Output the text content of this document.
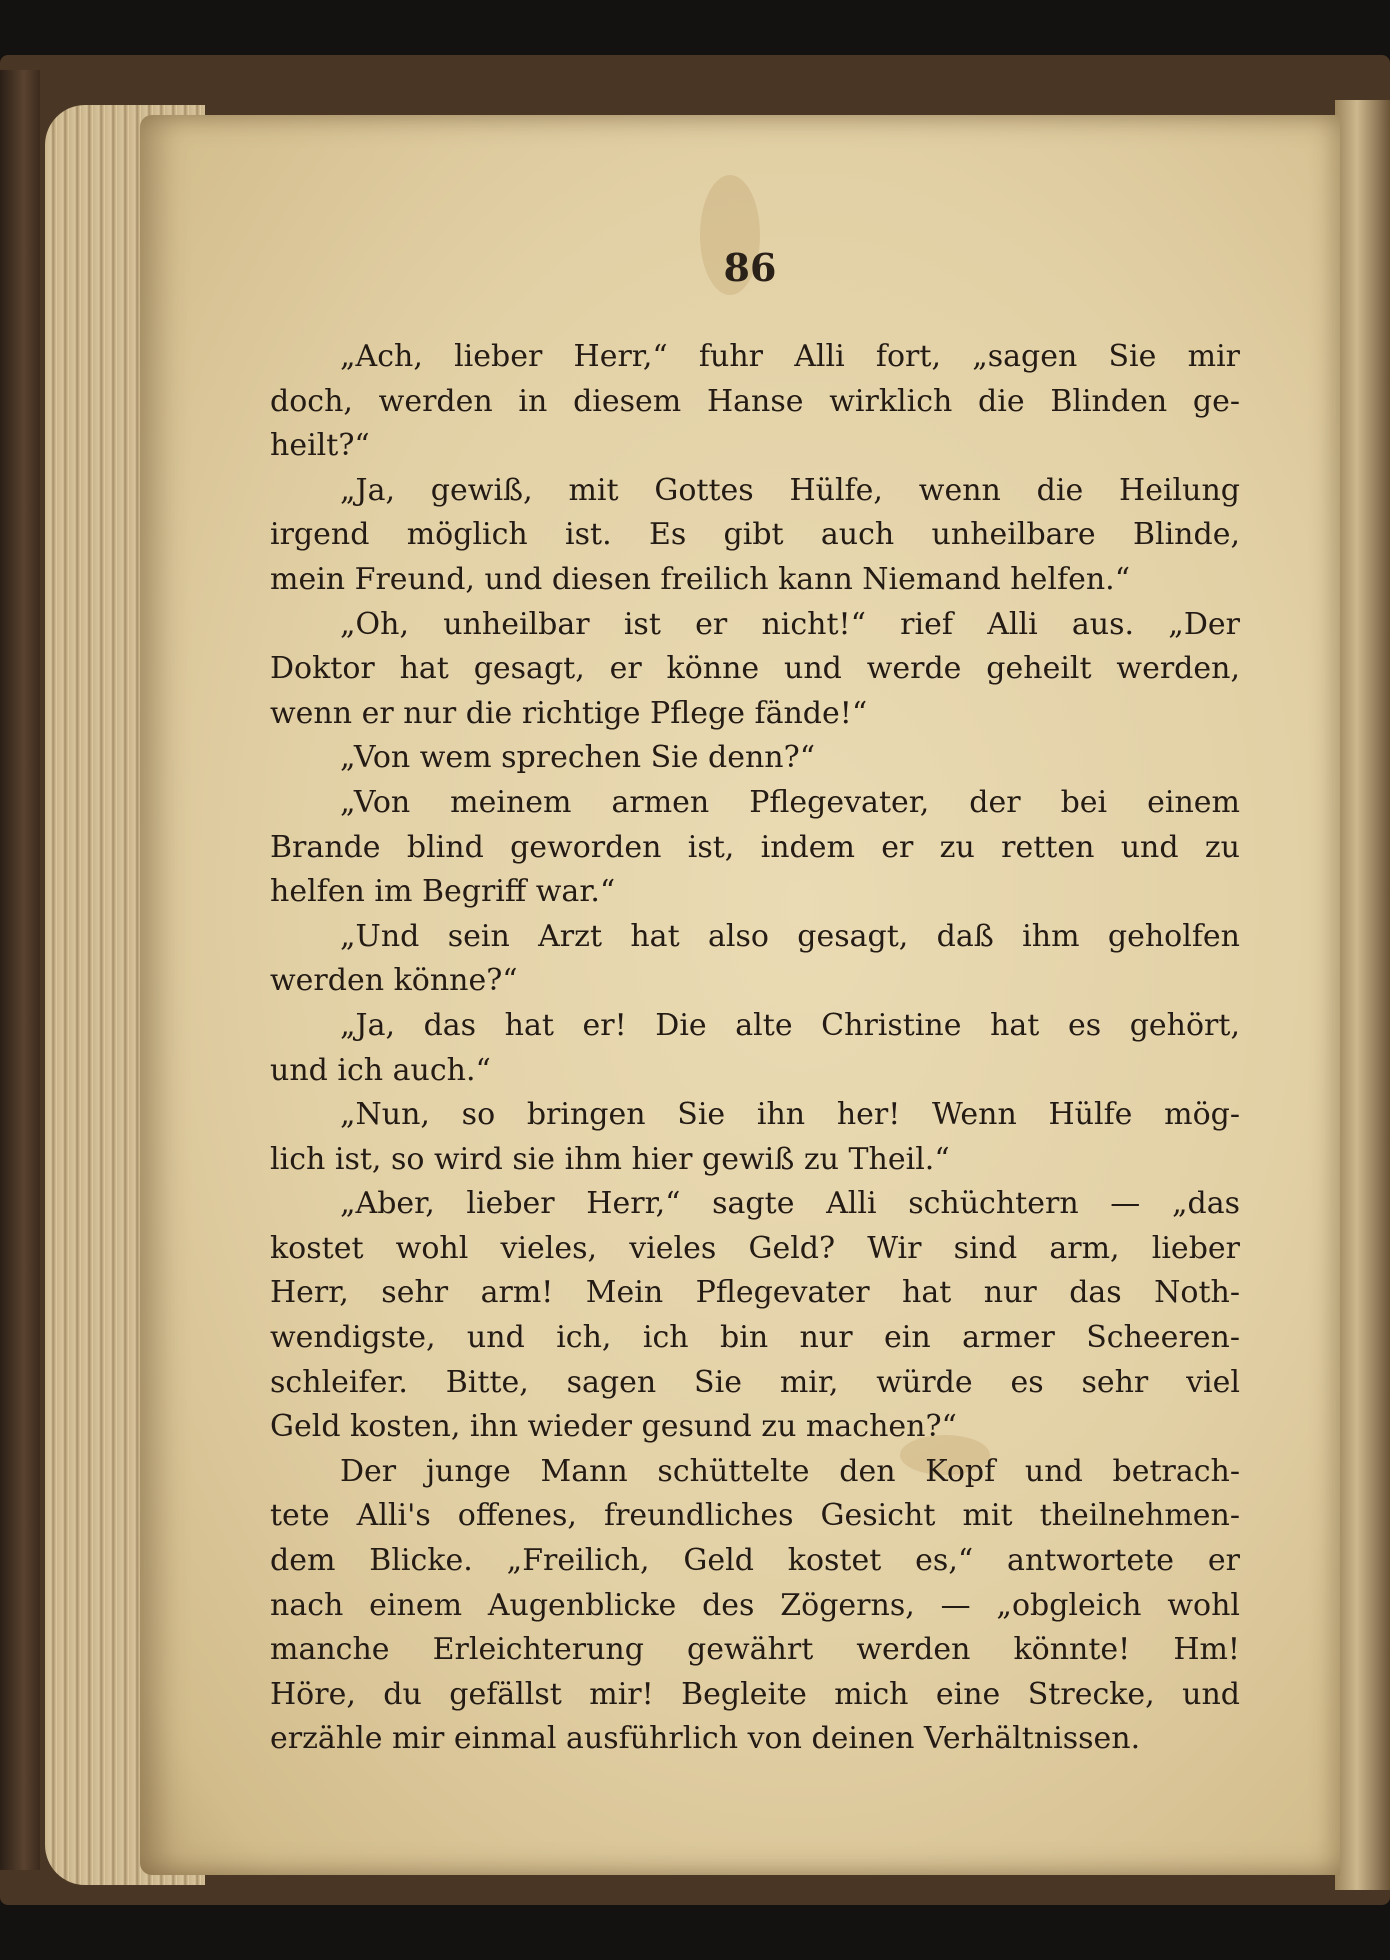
86
„Ach, lieber Herr,“ fuhr Alli fort, „sagen Sie mir
doch, werden in diesem Hanse wirklich die Blinden ge-
heilt?“
„Ja, gewiß, mit Gottes Hülfe, wenn die Heilung
irgend möglich ist. Es gibt auch unheilbare Blinde,
mein Freund, und diesen freilich kann Niemand helfen.“
„Oh, unheilbar ist er nicht!“ rief Alli aus. „Der
Doktor hat gesagt, er könne und werde geheilt werden,
wenn er nur die richtige Pflege fände!“
„Von wem sprechen Sie denn?“
„Von meinem armen Pflegevater, der bei einem
Brande blind geworden ist, indem er zu retten und zu
helfen im Begriff war.“
„Und sein Arzt hat also gesagt, daß ihm geholfen
werden könne?“
„Ja, das hat er! Die alte Christine hat es gehört,
und ich auch.“
„Nun, so bringen Sie ihn her! Wenn Hülfe mög-
lich ist, so wird sie ihm hier gewiß zu Theil.“
„Aber, lieber Herr,“ sagte Alli schüchtern — „das
kostet wohl vieles, vieles Geld? Wir sind arm, lieber
Herr, sehr arm! Mein Pflegevater hat nur das Noth-
wendigste, und ich, ich bin nur ein armer Scheeren-
schleifer. Bitte, sagen Sie mir, würde es sehr viel
Geld kosten, ihn wieder gesund zu machen?“
Der junge Mann schüttelte den Kopf und betrach-
tete Alli's offenes, freundliches Gesicht mit theilnehmen-
dem Blicke. „Freilich, Geld kostet es,“ antwortete er
nach einem Augenblicke des Zögerns, — „obgleich wohl
manche Erleichterung gewährt werden könnte! Hm!
Höre, du gefällst mir! Begleite mich eine Strecke, und
erzähle mir einmal ausführlich von deinen Verhältnissen.
